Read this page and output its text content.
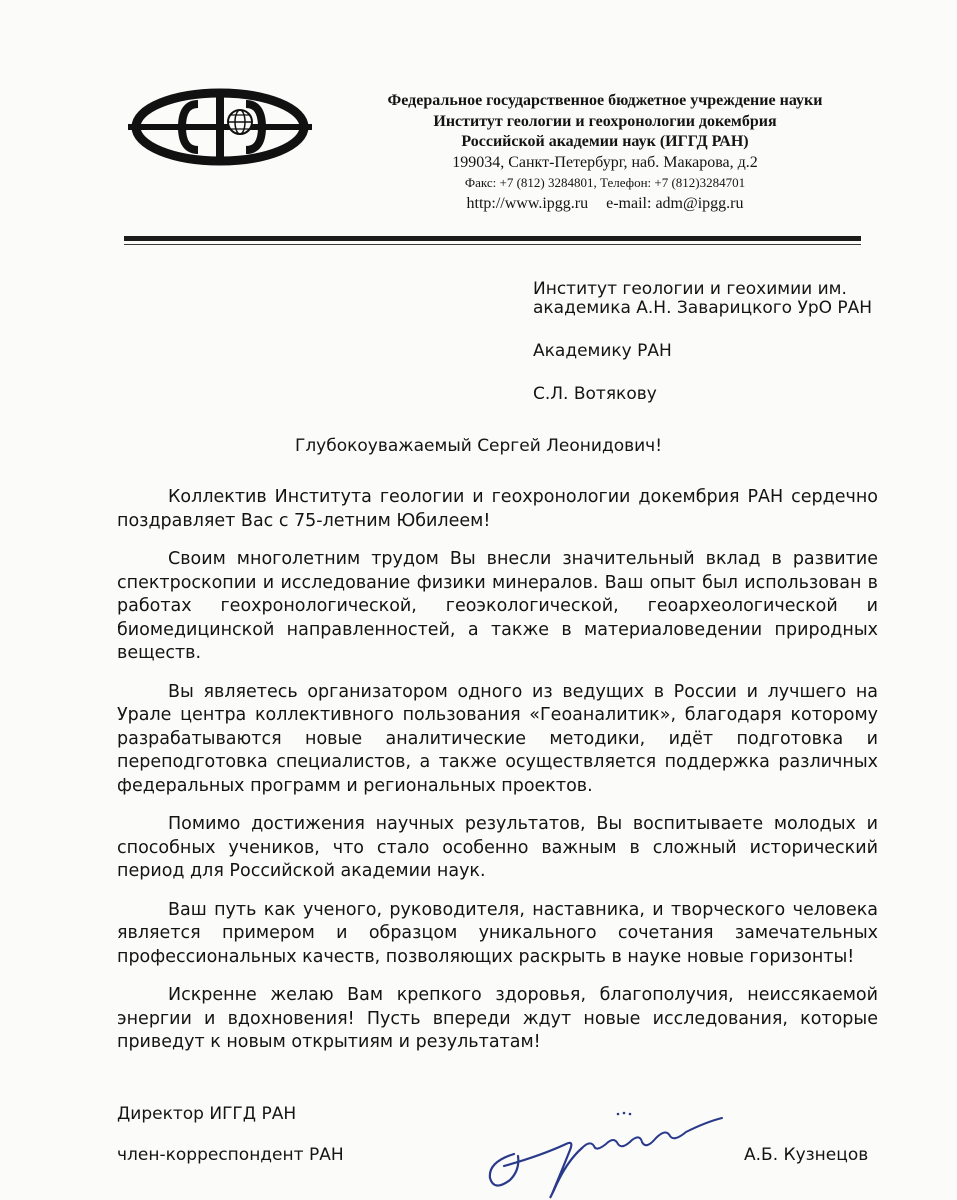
Федеральное государственное бюджетное учреждение науки
Институт геологии и геохронологии докембрия
Российской академии наук (ИГГД РАН)
199034, Санкт-Петербург, наб. Макарова, д.2
Факс: +7 (812) 3284801, Телефон: +7 (812)3284701
http://www.ipgg.ru e-mail: adm@ipgg.ru

Институт геологии и геохимии им. академика А.Н. Заварицкого УрО РАН

Академику РАН

С.Л. Вотякову

Глубокоуважаемый Сергей Леонидович!

Коллектив Института геологии и геохронологии докембрия РАН сердечно поздравляет Вас с 75-летним Юбилеем!

Своим многолетним трудом Вы внесли значительный вклад в развитие спектроскопии и исследование физики минералов. Ваш опыт был использован в работах геохронологической, геоэкологической, геоархеологической и биомедицинской направленностей, а также в материаловедении природных веществ.

Вы являетесь организатором одного из ведущих в России и лучшего на Урале центра коллективного пользования «Геоаналитик», благодаря которому разрабатываются новые аналитические методики, идёт подготовка и переподготовка специалистов, а также осуществляется поддержка различных федеральных программ и региональных проектов.

Помимо достижения научных результатов, Вы воспитываете молодых и способных учеников, что стало особенно важным в сложный исторический период для Российской академии наук.

Ваш путь как ученого, руководителя, наставника, и творческого человека является примером и образцом уникального сочетания замечательных профессиональных качеств, позволяющих раскрыть в науке новые горизонты!

Искренне желаю Вам крепкого здоровья, благополучия, неиссякаемой энергии и вдохновения! Пусть впереди ждут новые исследования, которые приведут к новым открытиям и результатам!

Директор ИГГД РАН

член-корреспондент РАН	А.Б. Кузнецов
